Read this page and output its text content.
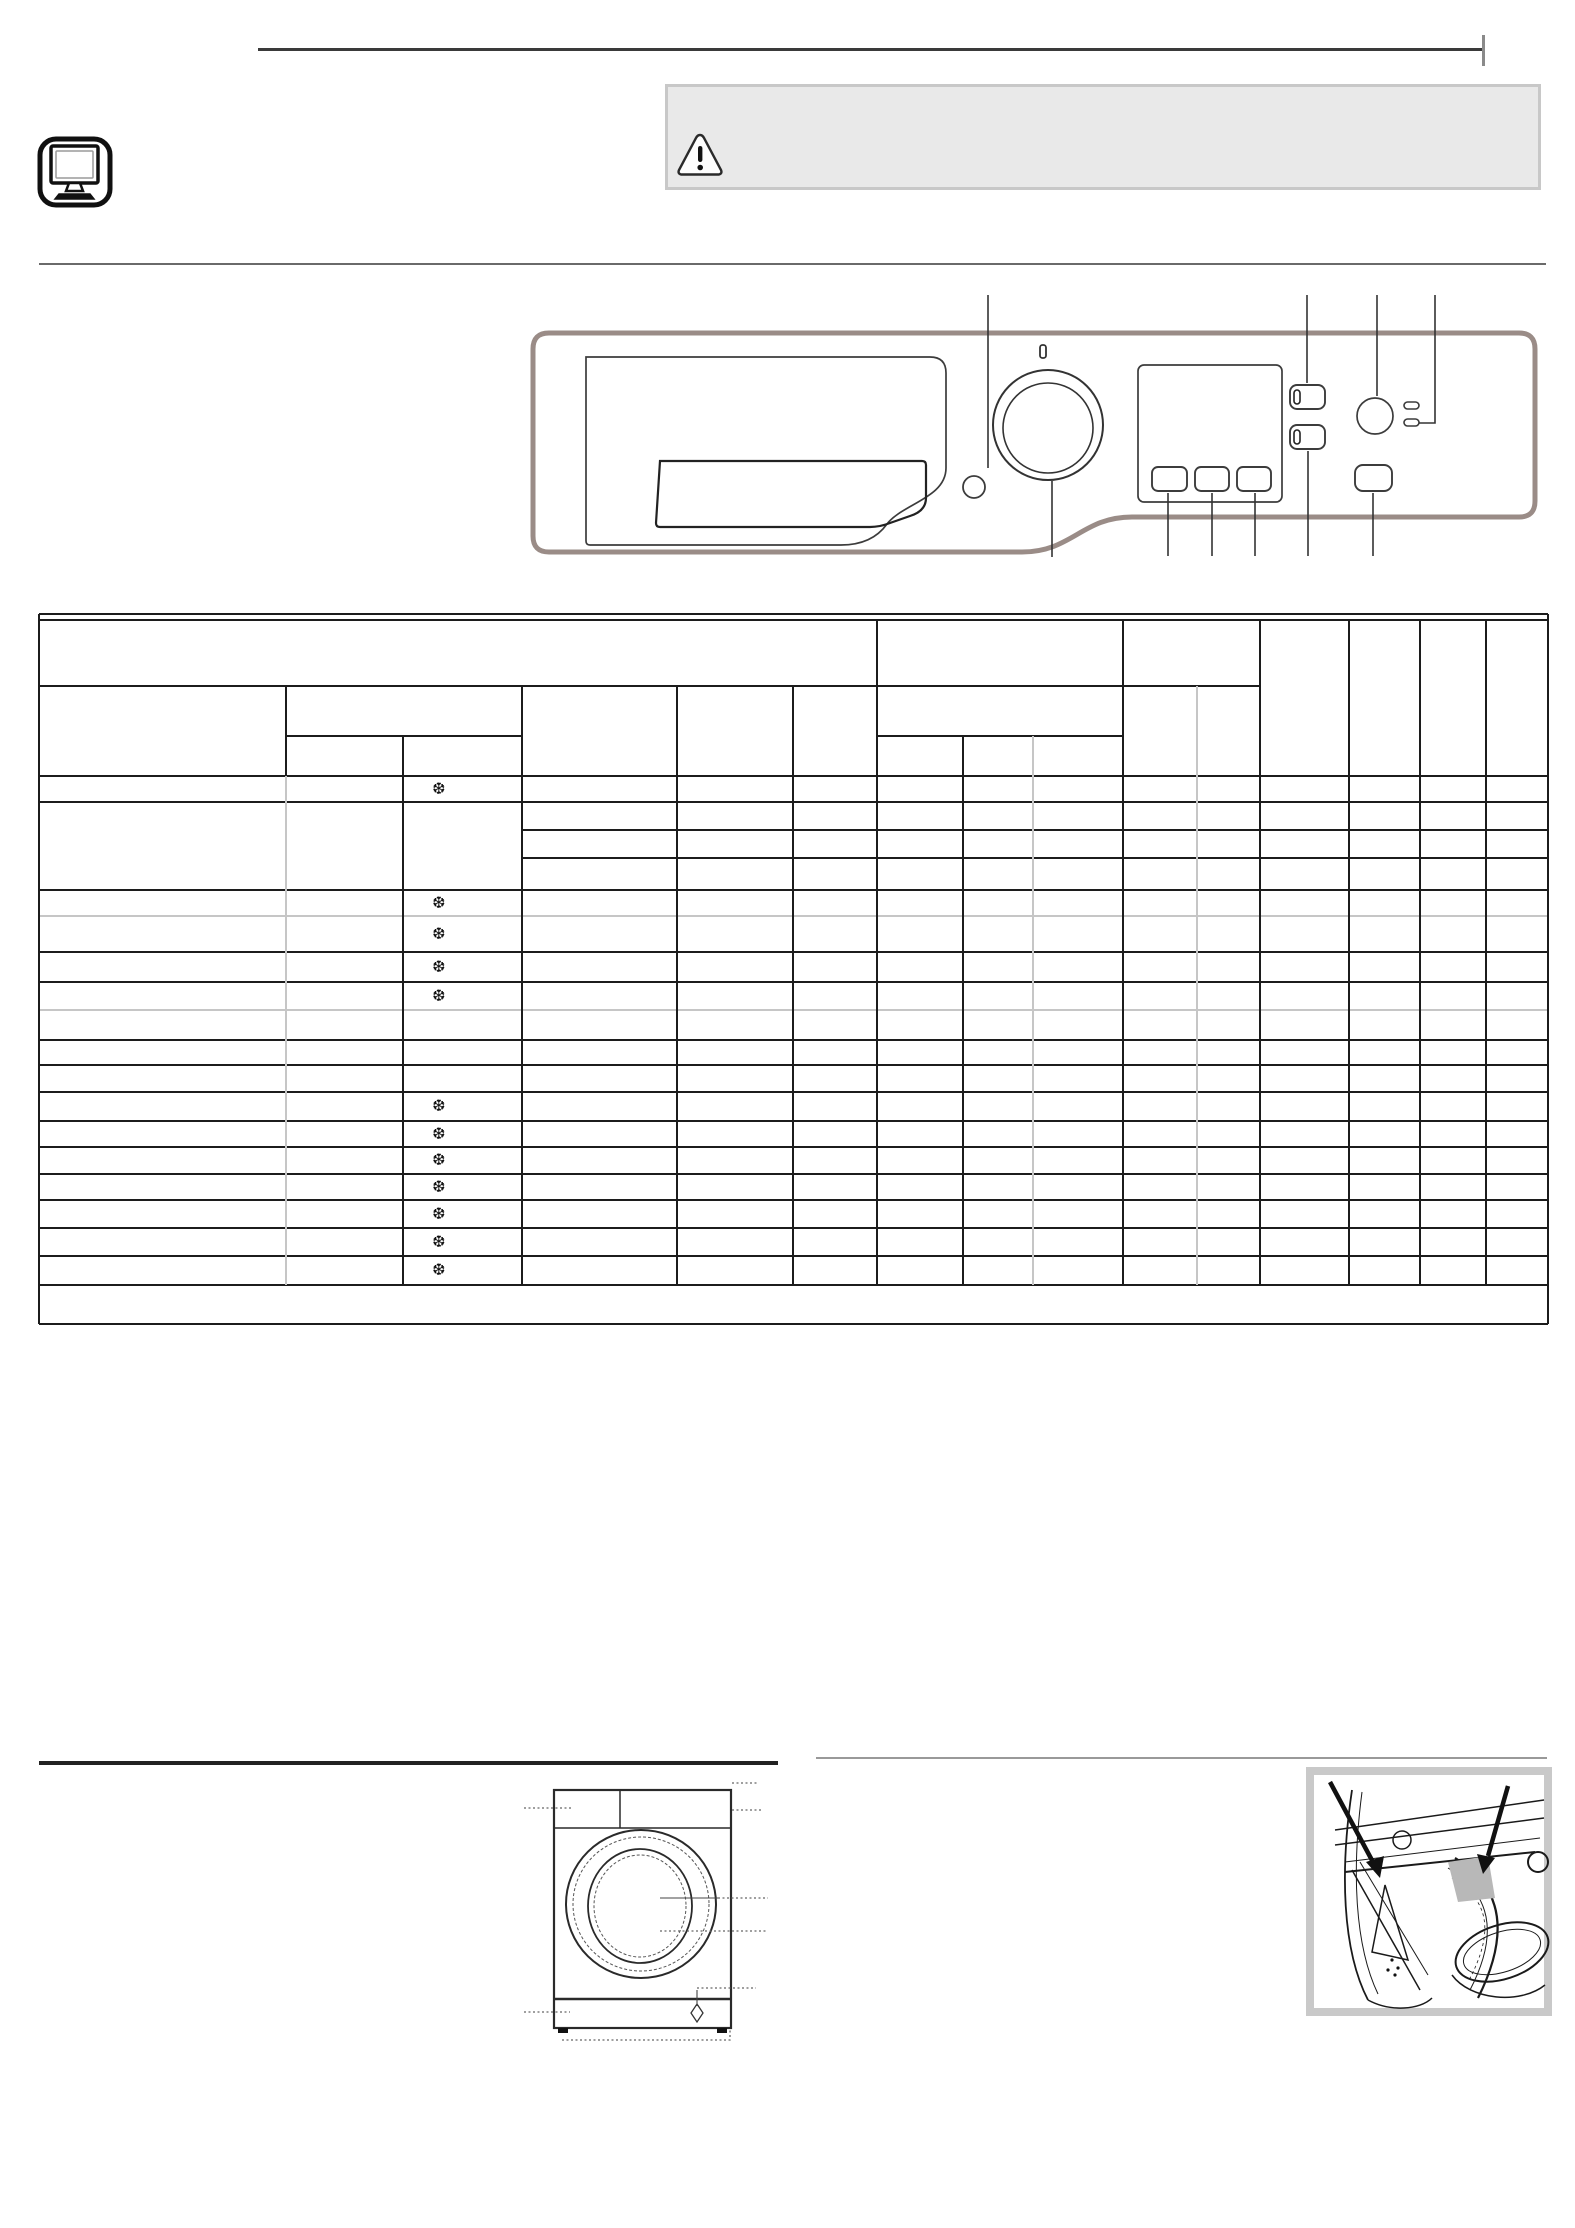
❆
❆
❆
❆
❆
❆
❆
❆
❆
❆
❆
❆
